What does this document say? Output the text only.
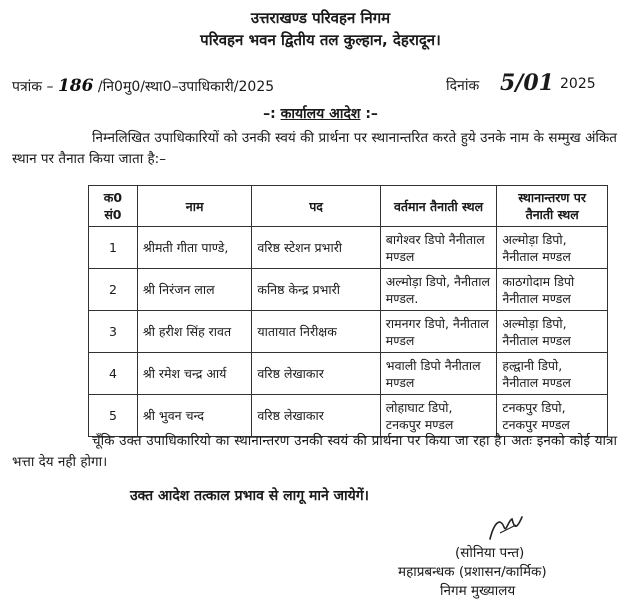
उत्तराखण्ड परिवहन निगम
परिवहन भवन द्वितीय तल कुल्हान, देहरादून।
पत्रांक – 186 /नि0मु0/स्था0–उपाधिकारी/2025	दिनांक 5/01 2025
–: कार्यालय आदेश :–
निम्नलिखित उपाधिकारियों को उनकी स्वयं की प्रार्थना पर स्थानान्तरित करते हुये उनके नाम के सम्मुख अंकित स्थान पर तैनात किया जाता है:–
क0 सं0	नाम	पद	वर्तमान तैनाती स्थल	स्थानान्तरण पर तैनाती स्थल
1	श्रीमती गीता पाण्डे,	वरिष्ठ स्टेशन प्रभारी	बागेश्वर डिपो नैनीताल मण्डल	अल्मोड़ा डिपो, नैनीताल मण्डल
2	श्री निरंजन लाल	कनिष्ठ केन्द्र प्रभारी	अल्मोड़ा डिपो, नैनीताल मण्डल.	काठगोदाम डिपो नैनीताल मण्डल
3	श्री हरीश सिंह रावत	यातायात निरीक्षक	रामनगर डिपो, नैनीताल मण्डल	अल्मोड़ा डिपो, नैनीताल मण्डल
4	श्री रमेश चन्द्र आर्य	वरिष्ठ लेखाकार	भवाली डिपो नैनीताल मण्डल	हल्द्वानी डिपो, नैनीताल मण्डल
5	श्री भुवन चन्द	वरिष्ठ लेखाकार	लोहाघाट डिपो, टनकपुर मण्डल	टनकपुर डिपो, टनकपुर मण्डल
चूँकि उक्त उपाधिकारियो का स्थानान्तरण उनकी स्वयं की प्रार्थना पर किया जा रहा है। अतः इनको कोई यात्रा भत्ता देय नही होगा।
उक्त आदेश तत्काल प्रभाव से लागू माने जायेगें।
(सोनिया पन्त)
महाप्रबन्धक (प्रशासन/कार्मिक)
निगम मुख्यालय
